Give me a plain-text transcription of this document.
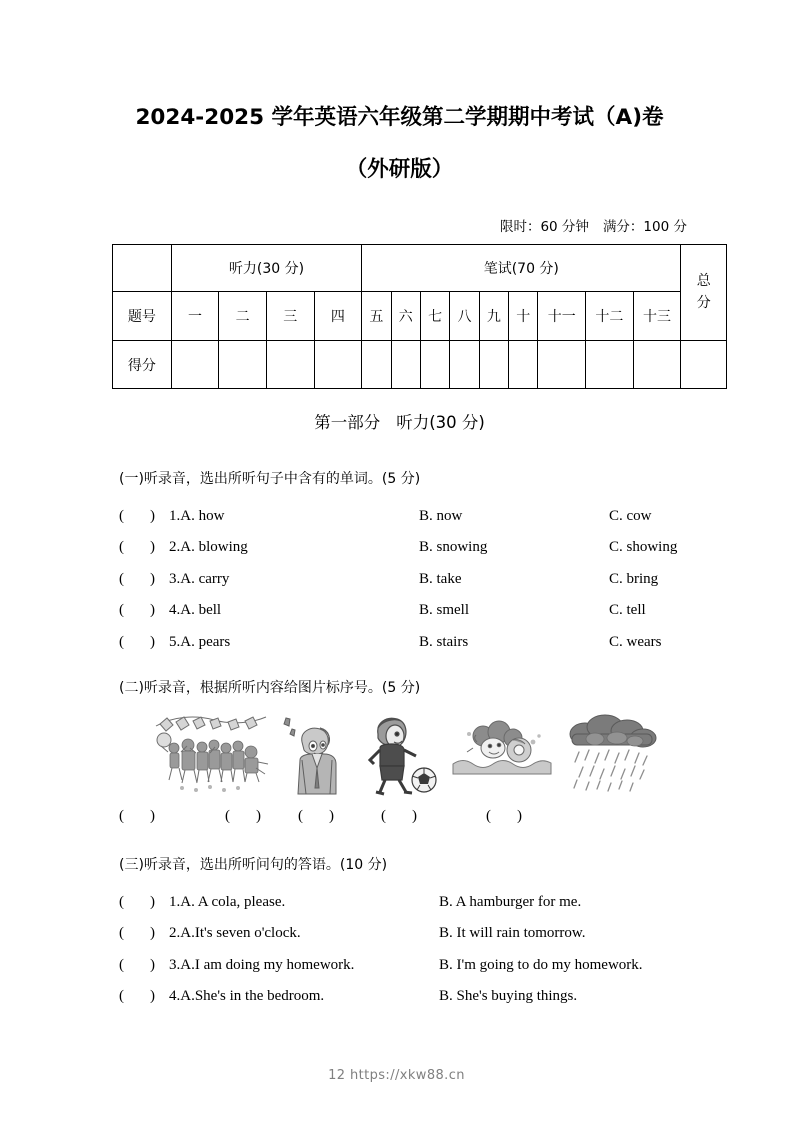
2024-2025 学年英语六年级第二学期期中考试（A)卷
（外研版）
限时：60 分钟 满分：100 分
	听力(30 分)				笔试(70 分)									总
分

题号	一	二	三	四	五	六	七	八	九	十	十一	十二	十三	
得分														
第一部分 听力(30 分)
(一)听录音，选出所听句子中含有的单词。(5 分)
( ) 1.A. how	B. now	C. cow
( ) 2.A. blowing	B. snowing	C. showing
( ) 3.A. carry	B. take	C. bring
( ) 4.A. bell	B. smell	C. tell
( ) 5.A. pears	B. stairs	C. wears
(二)听录音，根据所听内容给图片标序号。(5 分)
( )	( ) ( )	( )	( )
(三)听录音，选出所听问句的答语。(10 分)
( ) 1.A. A cola, please.	B. A hamburger for me.
( ) 2.A.It's seven o'clock.	B. It will rain tomorrow.
( ) 3.A.I am doing my homework.	B. I'm going to do my homework.
( ) 4.A.She's in the bedroom.	B. She's buying things.
12 https://xkw88.cn
